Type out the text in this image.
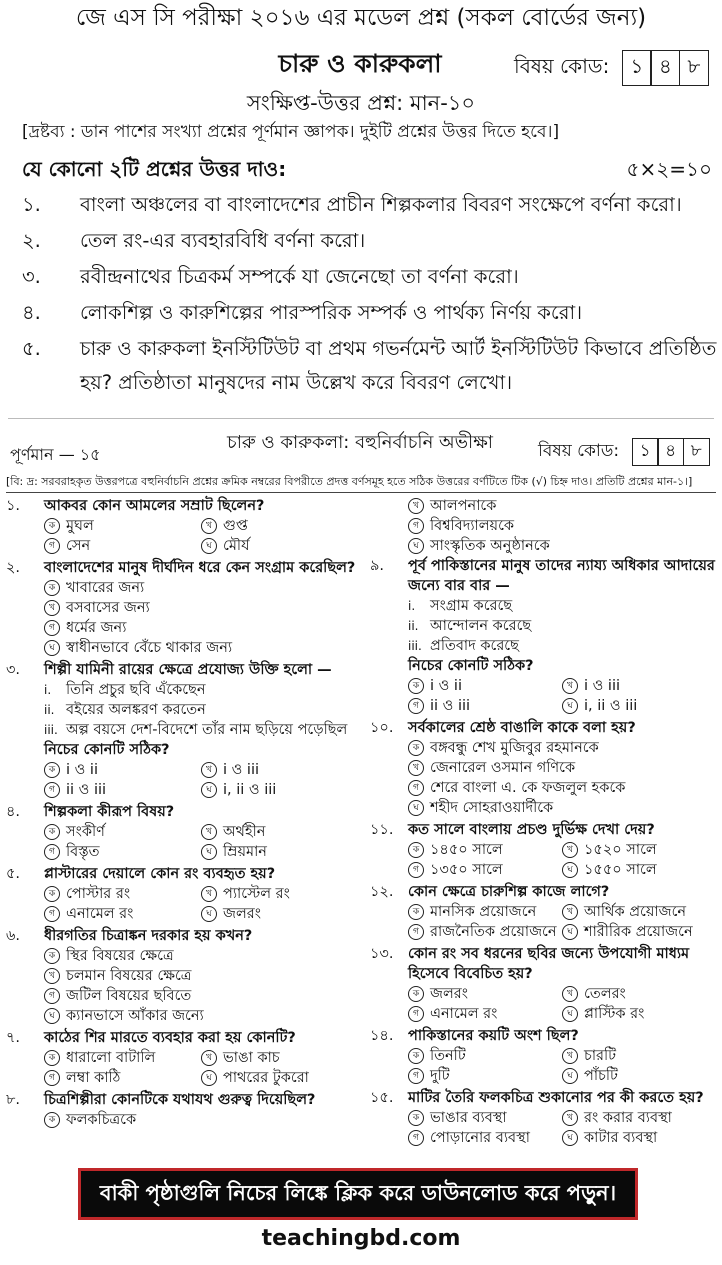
জে এস সি পরীক্ষা ২০১৬ এর মডেল প্রশ্ন (সকল বোর্ডের জন্য)
চারু ও কারুকলা	বিষয় কোড:	১ ৪ ৮
সংক্ষিপ্ত-উত্তর প্রশ্ন: মান-১০
[দ্রষ্টব্য : ডান পাশের সংখ্যা প্রশ্নের পূর্ণমান জ্ঞাপক। দুইটি প্রশ্নের উত্তর দিতে হবে।]
যে কোনো ২টি প্রশ্নের উত্তর দাও:	৫×২=১০
১.	বাংলা অঞ্চলের বা বাংলাদেশের প্রাচীন শিল্পকলার বিবরণ সংক্ষেপে বর্ণনা করো।
২.	তেল রং-এর ব্যবহারবিধি বর্ণনা করো।
৩.	রবীন্দ্রনাথের চিত্রকর্ম সম্পর্কে যা জেনেছো তা বর্ণনা করো।
৪.	লোকশিল্প ও কারুশিল্পের পারস্পরিক সম্পর্ক ও পার্থক্য নির্ণয় করো।
৫.	চারু ও কারুকলা ইনস্টিটিউট বা প্রথম গভর্নমেন্ট আর্ট ইনস্টিটিউট কিভাবে প্রতিষ্ঠিত হয়? প্রতিষ্ঠাতা মানুষদের নাম উল্লেখ করে বিবরণ লেখো।
পূর্ণমান — ১৫
চারু ও কারুকলা: বহুনির্বাচনি অভীক্ষা	বিষয় কোড:	১ ৪ ৮
[বি: দ্র: সরবরাহকৃত উত্তরপত্রে বহুনির্বাচনি প্রশ্নের ক্রমিক নম্বরের বিপরীতে প্রদত্ত বর্ণসমূহ হতে সঠিক উত্তরের বর্ণটিতে টিক (√) চিহ্ন দাও। প্রতিটি প্রশ্নের মান-১।]
১.	আকবর কোন আমলের সম্রাট ছিলেন?
ক মুঘল	খ গুপ্ত
গ সেন	ঘ মৌর্য
২.	বাংলাদেশের মানুষ দীর্ঘদিন ধরে কেন সংগ্রাম করেছিল?
ক খাবারের জন্য
খ বসবাসের জন্য
গ ধর্মের জন্য
ঘ স্বাধীনভাবে বেঁচে থাকার জন্য
৩.	শিল্পী যামিনী রায়ের ক্ষেত্রে প্রযোজ্য উক্তি হলো —
i.	তিনি প্রচুর ছবি এঁকেছেন
ii. বইয়ের অলঙ্করণ করতেন
iii. অল্প বয়সে দেশ-বিদেশে তাঁর নাম ছড়িয়ে পড়েছিল
নিচের কোনটি সঠিক?
ক i ও ii	খ i ও iii
গ ii ও iii	ঘ i, ii ও iii
৪.	শিল্পকলা কীরূপ বিষয়?
ক সংকীর্ণ	খ অর্থহীন
গ বিস্তৃত	ঘ ম্রিয়মান
৫.	প্লাস্টারের দেয়ালে কোন রং ব্যবহৃত হয়?
ক পোস্টার রং	খ প্যাস্টেল রং
গ এনামেল রং	ঘ জলরং
৬.	ধীরগতির চিত্রাঙ্কন দরকার হয় কখন?
ক স্থির বিষয়ের ক্ষেত্রে
খ চলমান বিষয়ের ক্ষেত্রে
গ জটিল বিষয়ের ছবিতে
ঘ ক্যানভাসে আঁকার জন্যে
৭.	কাঠের শির মারতে ব্যবহার করা হয় কোনটি?
ক ধারালো বাটালি	খ ভাঙা কাচ
গ লম্বা কাঠি	ঘ পাথরের টুকরো
৮.	চিত্রশিল্পীরা কোনটিকে যথাযথ গুরুত্ব দিয়েছিল?
ক ফলকচিত্রকে
খ আলপনাকে
গ বিশ্ববিদ্যালয়কে
ঘ সাংস্কৃতিক অনুষ্ঠানকে
৯.	পূর্ব পাকিস্তানের মানুষ তাদের ন্যায্য অধিকার আদায়ের জন্যে বার বার —
i.	সংগ্রাম করেছে
ii. আন্দোলন করেছে
iii. প্রতিবাদ করেছে
নিচের কোনটি সঠিক?
ক i ও ii	খ i ও iii
গ ii ও iii	ঘ i, ii ও iii
১০.	সর্বকালের শ্রেষ্ঠ বাঙালি কাকে বলা হয়?
ক বঙ্গবন্ধু শেখ মুজিবুর রহমানকে
খ জেনারেল ওসমান গণিকে
গ শেরে বাংলা এ. কে ফজলুল হককে
ঘ শহীদ সোহরাওয়ার্দীকে
১১.	কত সালে বাংলায় প্রচণ্ড দুর্ভিক্ষ দেখা দেয়?
ক ১৪৫০ সালে	খ ১৫২০ সালে
গ ১৩৫০ সালে	ঘ ১৫৫০ সালে
১২.	কোন ক্ষেত্রে চারুশিল্প কাজে লাগে?
ক মানসিক প্রয়োজনে	খ আর্থিক প্রয়োজনে
গ রাজনৈতিক প্রয়োজনে	ঘ শারীরিক প্রয়োজনে
১৩.	কোন রং সব ধরনের ছবির জন্যে উপযোগী মাধ্যম হিসেবে বিবেচিত হয়?
ক জলরং	খ তেলরং
গ এনামেল রং	ঘ প্লাস্টিক রং
১৪.	পাকিস্তানের কয়টি অংশ ছিল?
ক তিনটি	খ চারটি
গ দুটি	ঘ পাঁচটি
১৫.	মাটির তৈরি ফলকচিত্র শুকানোর পর কী করতে হয়?
ক ভাঙার ব্যবস্থা	খ রং করার ব্যবস্থা
গ পোড়ানোর ব্যবস্থা	ঘ কাটার ব্যবস্থা
বাকী পৃষ্ঠাগুলি নিচের লিঙ্কে ক্লিক করে ডাউনলোড করে পড়ুন।
teachingbd.com
